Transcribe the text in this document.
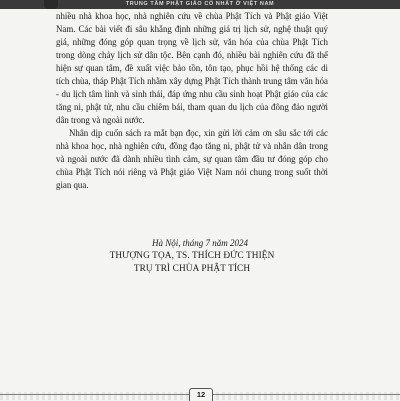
TRUNG TÂM PHẬT GIÁO CỔ NHẤT Ở VIỆT NAM

nhiều nhà khoa học, nhà nghiên cứu về chùa Phật Tích và Phật giáo Việt Nam. Các bài viết đi sâu khẳng định những giá trị lịch sử, nghệ thuật quý giá, những đóng góp quan trọng về lịch sử, văn hóa của chùa Phật Tích trong dòng chảy lịch sử dân tộc. Bên cạnh đó, nhiều bài nghiên cứu đã thể hiện sự quan tâm, đề xuất việc bảo tồn, tôn tạo, phục hồi hệ thống các di tích chùa, tháp Phật Tích nhằm xây dựng Phật Tích thành trung tâm văn hóa - du lịch tâm linh và sinh thái, đáp ứng nhu cầu sinh hoạt Phật giáo của các tăng ni, phật tử, nhu cầu chiêm bái, tham quan du lịch của đông đảo người dân trong và ngoài nước.

Nhân dịp cuốn sách ra mắt bạn đọc, xin gửi lời cảm ơn sâu sắc tới các nhà khoa học, nhà nghiên cứu, đồng đạo tăng ni, phật tử và nhân dân trong và ngoài nước đã dành nhiều tình cảm, sự quan tâm đầu tư đóng góp cho chùa Phật Tích nói riêng và Phật giáo Việt Nam nói chung trong suốt thời gian qua.

Hà Nội, tháng 7 năm 2024
THƯỢNG TỌA, TS. THÍCH ĐỨC THIỆN
TRỤ TRÌ CHÙA PHẬT TÍCH
12
